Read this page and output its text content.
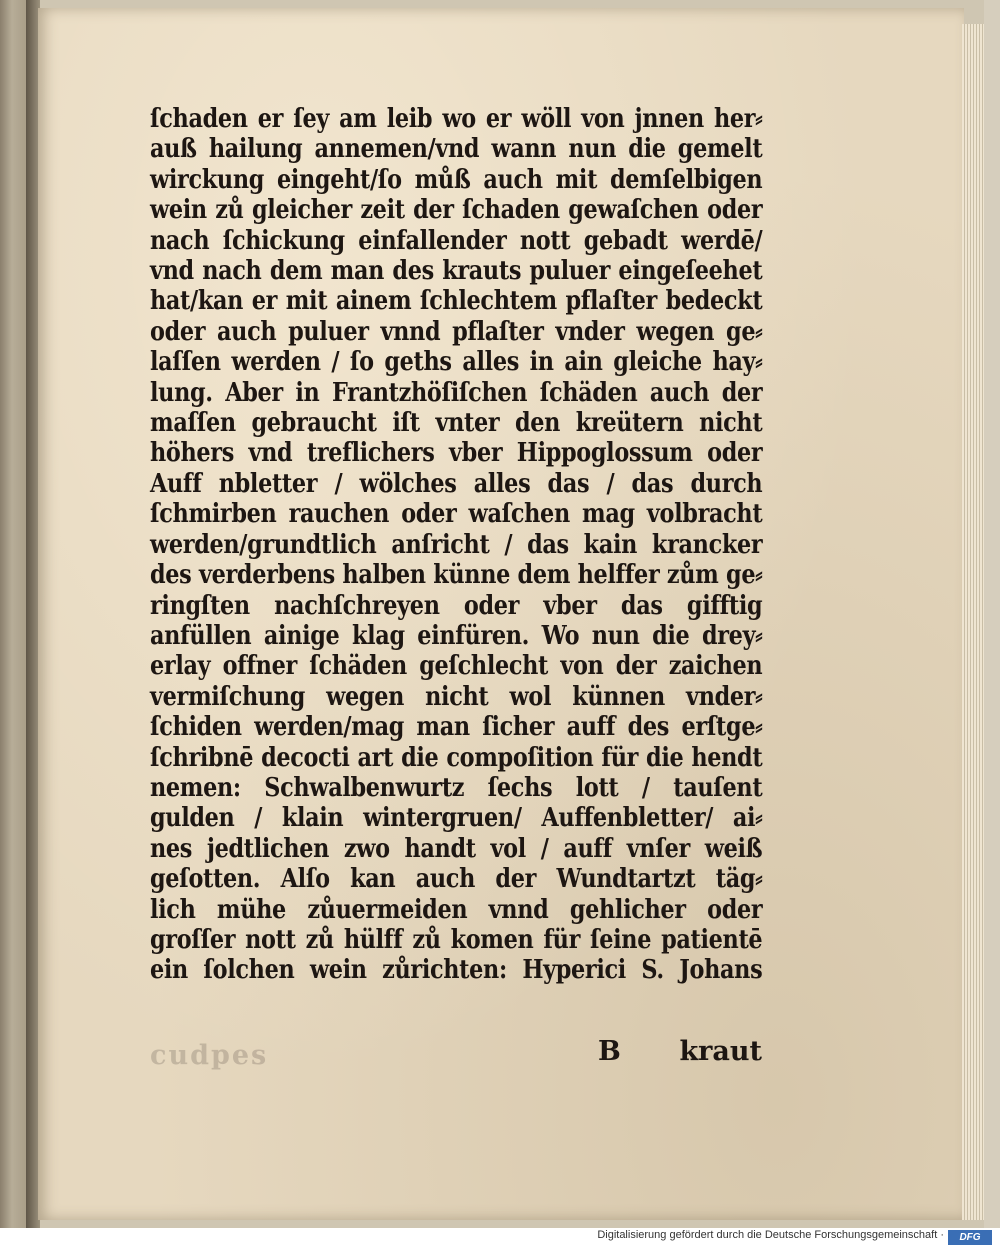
ſchaden er ſey am leib wo er wöll von jnnen her⸗
auß hailung annemen/vnd wann nun die gemelt
wirckung eingeht/ſo můß auch mit demſelbigen
wein zů gleicher zeit der ſchaden gewaſchen oder
nach ſchickung einfallender nott gebadt werdē/
vnd nach dem man des krauts puluer eingeſeehet
hat/kan er mit ainem ſchlechtem pflaſter bedeckt
oder auch puluer vnnd pflaſter vnder wegen ge⸗
laſſen werden / ſo geths alles in ain gleiche hay⸗
lung. Aber in Frantzhöſiſchen ſchäden auch der
maſſen gebraucht iſt vnter den kreütern nicht
höhers vnd treflichers vber Hippoglossum oder
Auff nbletter / wölches alles das / das durch
ſchmirben rauchen oder waſchen mag volbracht
werden/grundtlich anſricht / das kain krancker
des verderbens halben künne dem helffer zům ge⸗
ringſten nachſchreyen oder vber das gifftig
anfüllen ainige klag einfüren. Wo nun die drey⸗
erlay offner ſchäden geſchlecht von der zaichen
vermiſchung wegen nicht wol künnen vnder⸗
ſchiden werden/mag man ſicher auff des erſtge⸗
ſchribnē decocti art die compoſition für die hendt
nemen: Schwalbenwurtz ſechs lott / tauſent
gulden / klain wintergruen/ Auffenbletter/ ai⸗
nes jedtlichen zwo handt vol / auff vnſer weiß
geſotten. Alſo kan auch der Wundtartzt täg⸗
lich mühe zůuermeiden vnnd gehlicher oder
groſſer nott zů hülff zů komen für ſeine patientē
ein ſolchen wein zůrichten: Hyperici S. Johans
cudpes	B kraut
Digitalisierung gefördert durch die Deutsche Forschungsgemeinschaft ·	DFG
